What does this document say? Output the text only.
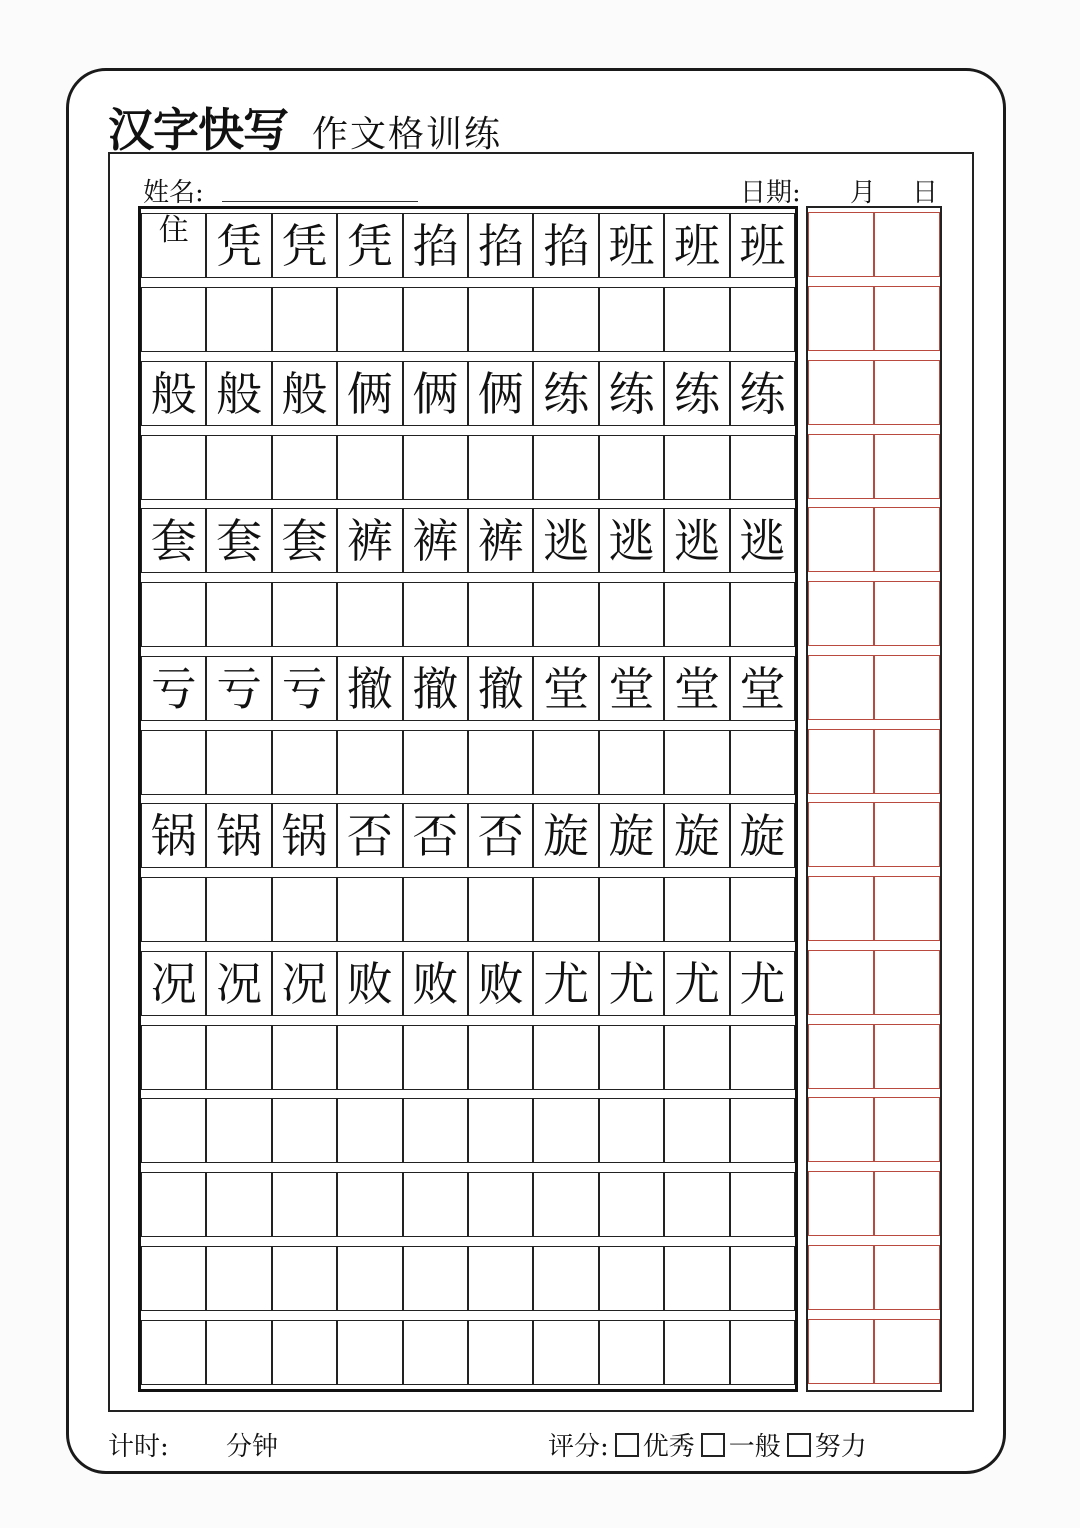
汉字快写 作文格训练
姓名:	日期: 月 日
住 凭 凭 凭 掐 掐 掐 班 班 班
般 般 般 俩 俩 俩 练 练 练 练
套 套 套 裤 裤 裤 逃 逃 逃 逃
亏 亏 亏 撤 撤 撤 堂 堂 堂 堂
锅 锅 锅 否 否 否 旋 旋 旋 旋
况 况 况 败 败 败 尤 尤 尤 尤
计时: 分钟	评分: 优秀 一般 努力
